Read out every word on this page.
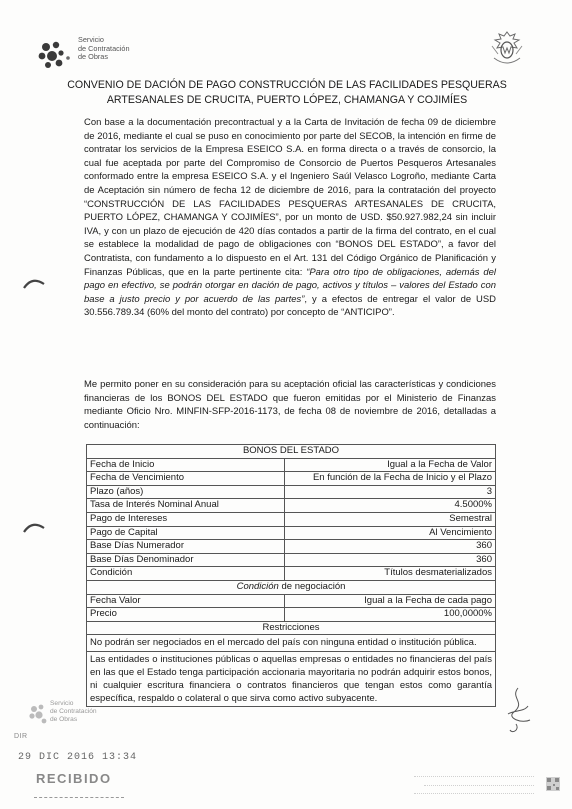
Servicio
de Contratación
de Obras
CONVENIO DE DACIÓN DE PAGO CONSTRUCCIÓN DE LAS FACILIDADES PESQUERAS ARTESANALES DE CRUCITA, PUERTO LÓPEZ, CHAMANGA Y COJIMÍES

Con base a la documentación precontractual y a la Carta de Invitación de fecha 09 de diciembre de 2016, mediante el cual se puso en conocimiento por parte del SECOB, la intención en firme de contratar los servicios de la Empresa ESEICO S.A. en forma directa o a través de consorcio, la cual fue aceptada por parte del Compromiso de Consorcio de Puertos Pesqueros Artesanales conformado entre la empresa ESEICO S.A. y el Ingeniero Saúl Velasco Logroño, mediante Carta de Aceptación sin número de fecha 12 de diciembre de 2016, para la contratación del proyecto “CONSTRUCCIÓN DE LAS FACILIDADES PESQUERAS ARTESANALES DE CRUCITA, PUERTO LÓPEZ, CHAMANGA Y COJIMÍES”, por un monto de USD. $50.927.982,24 sin incluir IVA, y con un plazo de ejecución de 420 días contados a partir de la firma del contrato, en el cual se establece la modalidad de pago de obligaciones con “BONOS DEL ESTADO”, a favor del Contratista, con fundamento a lo dispuesto en el Art. 131 del Código Orgánico de Planificación y Finanzas Públicas, que en la parte pertinente cita: “Para otro tipo de obligaciones, además del pago en efectivo, se podrán otorgar en dación de pago, activos y títulos – valores del Estado con base a justo precio y por acuerdo de las partes”, y a efectos de entregar el valor de USD 30.556.789.34 (60% del monto del contrato) por concepto de “ANTICIPO”.

Me permito poner en su consideración para su aceptación oficial las características y condiciones financieras de los BONOS DEL ESTADO que fueron emitidas por el Ministerio de Finanzas mediante Oficio Nro. MINFIN-SFP-2016-1173, de fecha 08 de noviembre de 2016, detalladas a continuación:

BONOS DEL ESTADO	
Fecha de Inicio	Igual a la Fecha de Valor
Fecha de Vencimiento	En función de la Fecha de Inicio y el Plazo
Plazo (años)	3
Tasa de Interés Nominal Anual	4.5000%
Pago de Intereses	Semestral
Pago de Capital	Al Vencimiento
Base Días Numerador	360
Base Días Denominador	360
Condición	Títulos desmaterializados
Condición de negociación	
Fecha Valor	Igual a la Fecha de cada pago
Precio	100,0000%
Restricciones	
No podrán ser negociados en el mercado del país con ninguna entidad o institución pública.	
Las entidades o instituciones públicas o aquellas empresas o entidades no financieras del país en las que el Estado tenga participación accionaria mayoritaria no podrán adquirir estos bonos, ni cualquier escritura financiera o contratos financieros que tengan estos como garantía específica, respaldo o colateral o que sirva como activo subyacente.	
Servicio
de Contratación
de Obras
DIR
29 DIC 2016 13:34
RECIBIDO
